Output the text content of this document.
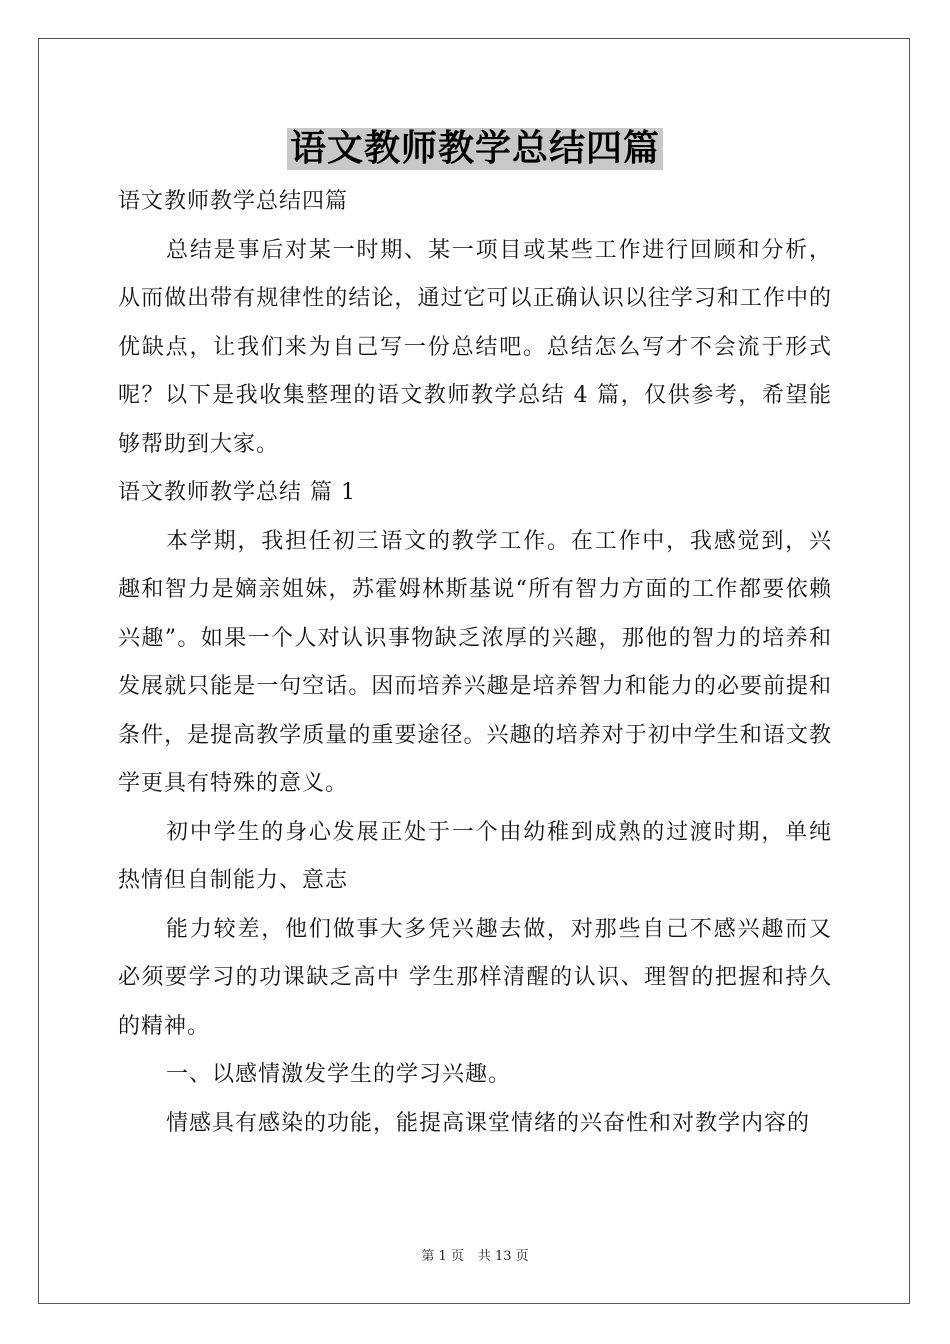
语文教师教学总结四篇

语文教师教学总结四篇

总结是事后对某一时期、某一项目或某些工作进行回顾和分析，从而做出带有规律性的结论，通过它可以正确认识以往学习和工作中的优缺点，让我们来为自己写一份总结吧。总结怎么写才不会流于形式呢？以下是我收集整理的语文教师教学总结 4 篇，仅供参考，希望能够帮助到大家。

语文教师教学总结 篇 1

本学期，我担任初三语文的教学工作。在工作中，我感觉到，兴趣和智力是嫡亲姐妹，苏霍姆林斯基说“所有智力方面的工作都要依赖兴趣”。如果一个人对认识事物缺乏浓厚的兴趣，那他的智力的培养和发展就只能是一句空话。因而培养兴趣是培养智力和能力的必要前提和条件，是提高教学质量的重要途径。兴趣的培养对于初中学生和语文教学更具有特殊的意义。

初中学生的身心发展正处于一个由幼稚到成熟的过渡时期，单纯热情但自制能力、意志

能力较差，他们做事大多凭兴趣去做，对那些自己不感兴趣而又必须要学习的功课缺乏高中 学生那样清醒的认识、理智的把握和持久的精神。

一、以感情激发学生的学习兴趣。

情感具有感染的功能，能提高课堂情绪的兴奋性和对教学内容的

第 1 页 共 13 页
